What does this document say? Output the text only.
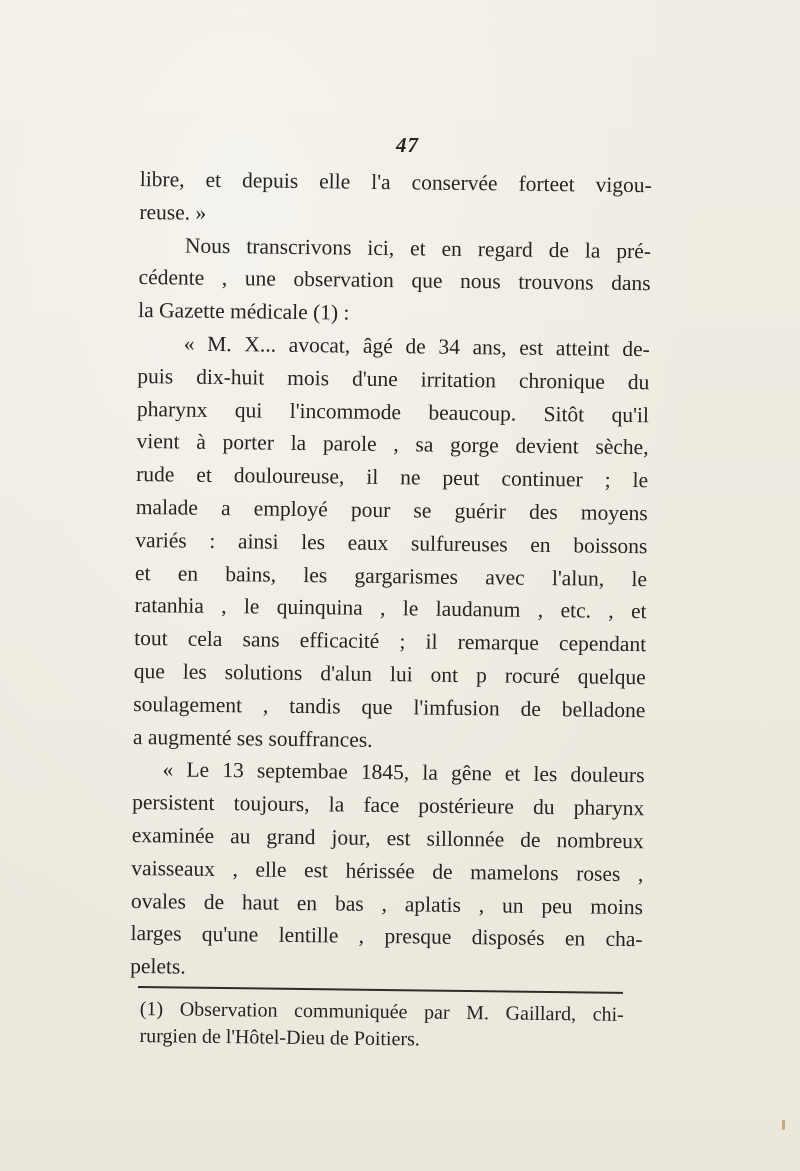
47
libre, et depuis elle l'a conservée forteet vigou-
reuse. »
Nous transcrivons ici, et en regard de la pré-
cédente , une observation que nous trouvons dans
la Gazette médicale (1) :
« M. X... avocat, âgé de 34 ans, est atteint de-
puis dix-huit mois d'une irritation chronique du
pharynx qui l'incommode beaucoup. Sitôt qu'il
vient à porter la parole , sa gorge devient sèche,
rude et douloureuse, il ne peut continuer ; le
malade a employé pour se guérir des moyens
variés : ainsi les eaux sulfureuses en boissons
et en bains, les gargarismes avec l'alun, le
ratanhia , le quinquina , le laudanum , etc. , et
tout cela sans efficacité ; il remarque cependant
que les solutions d'alun lui ont p rocuré quelque
soulagement , tandis que l'imfusion de belladone
a augmenté ses souffrances.
« Le 13 septembae 1845, la gêne et les douleurs
persistent toujours, la face postérieure du pharynx
examinée au grand jour, est sillonnée de nombreux
vaisseaux , elle est hérissée de mamelons roses ,
ovales de haut en bas , aplatis , un peu moins
larges qu'une lentille , presque disposés en cha-
pelets.
(1) Observation communiquée par M. Gaillard, chi-
rurgien de l'Hôtel-Dieu de Poitiers.
